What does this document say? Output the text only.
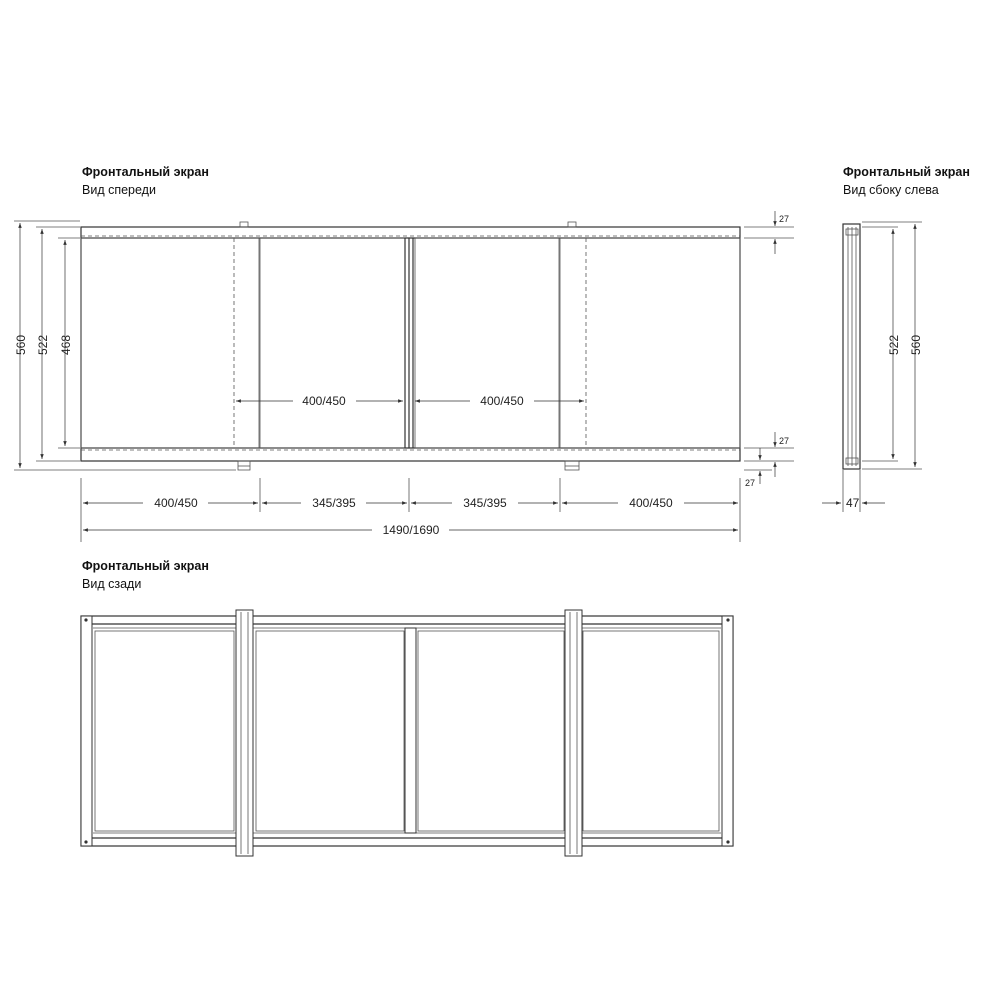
Фронтальный экран
Вид спереди
560 522 468
400/450	400/450
27
27
27
400/450	345/395	345/395	400/450
1490/1690
Фронтальный экран
Вид сбоку слева
522 560
47
Фронтальный экран
Вид сзади
